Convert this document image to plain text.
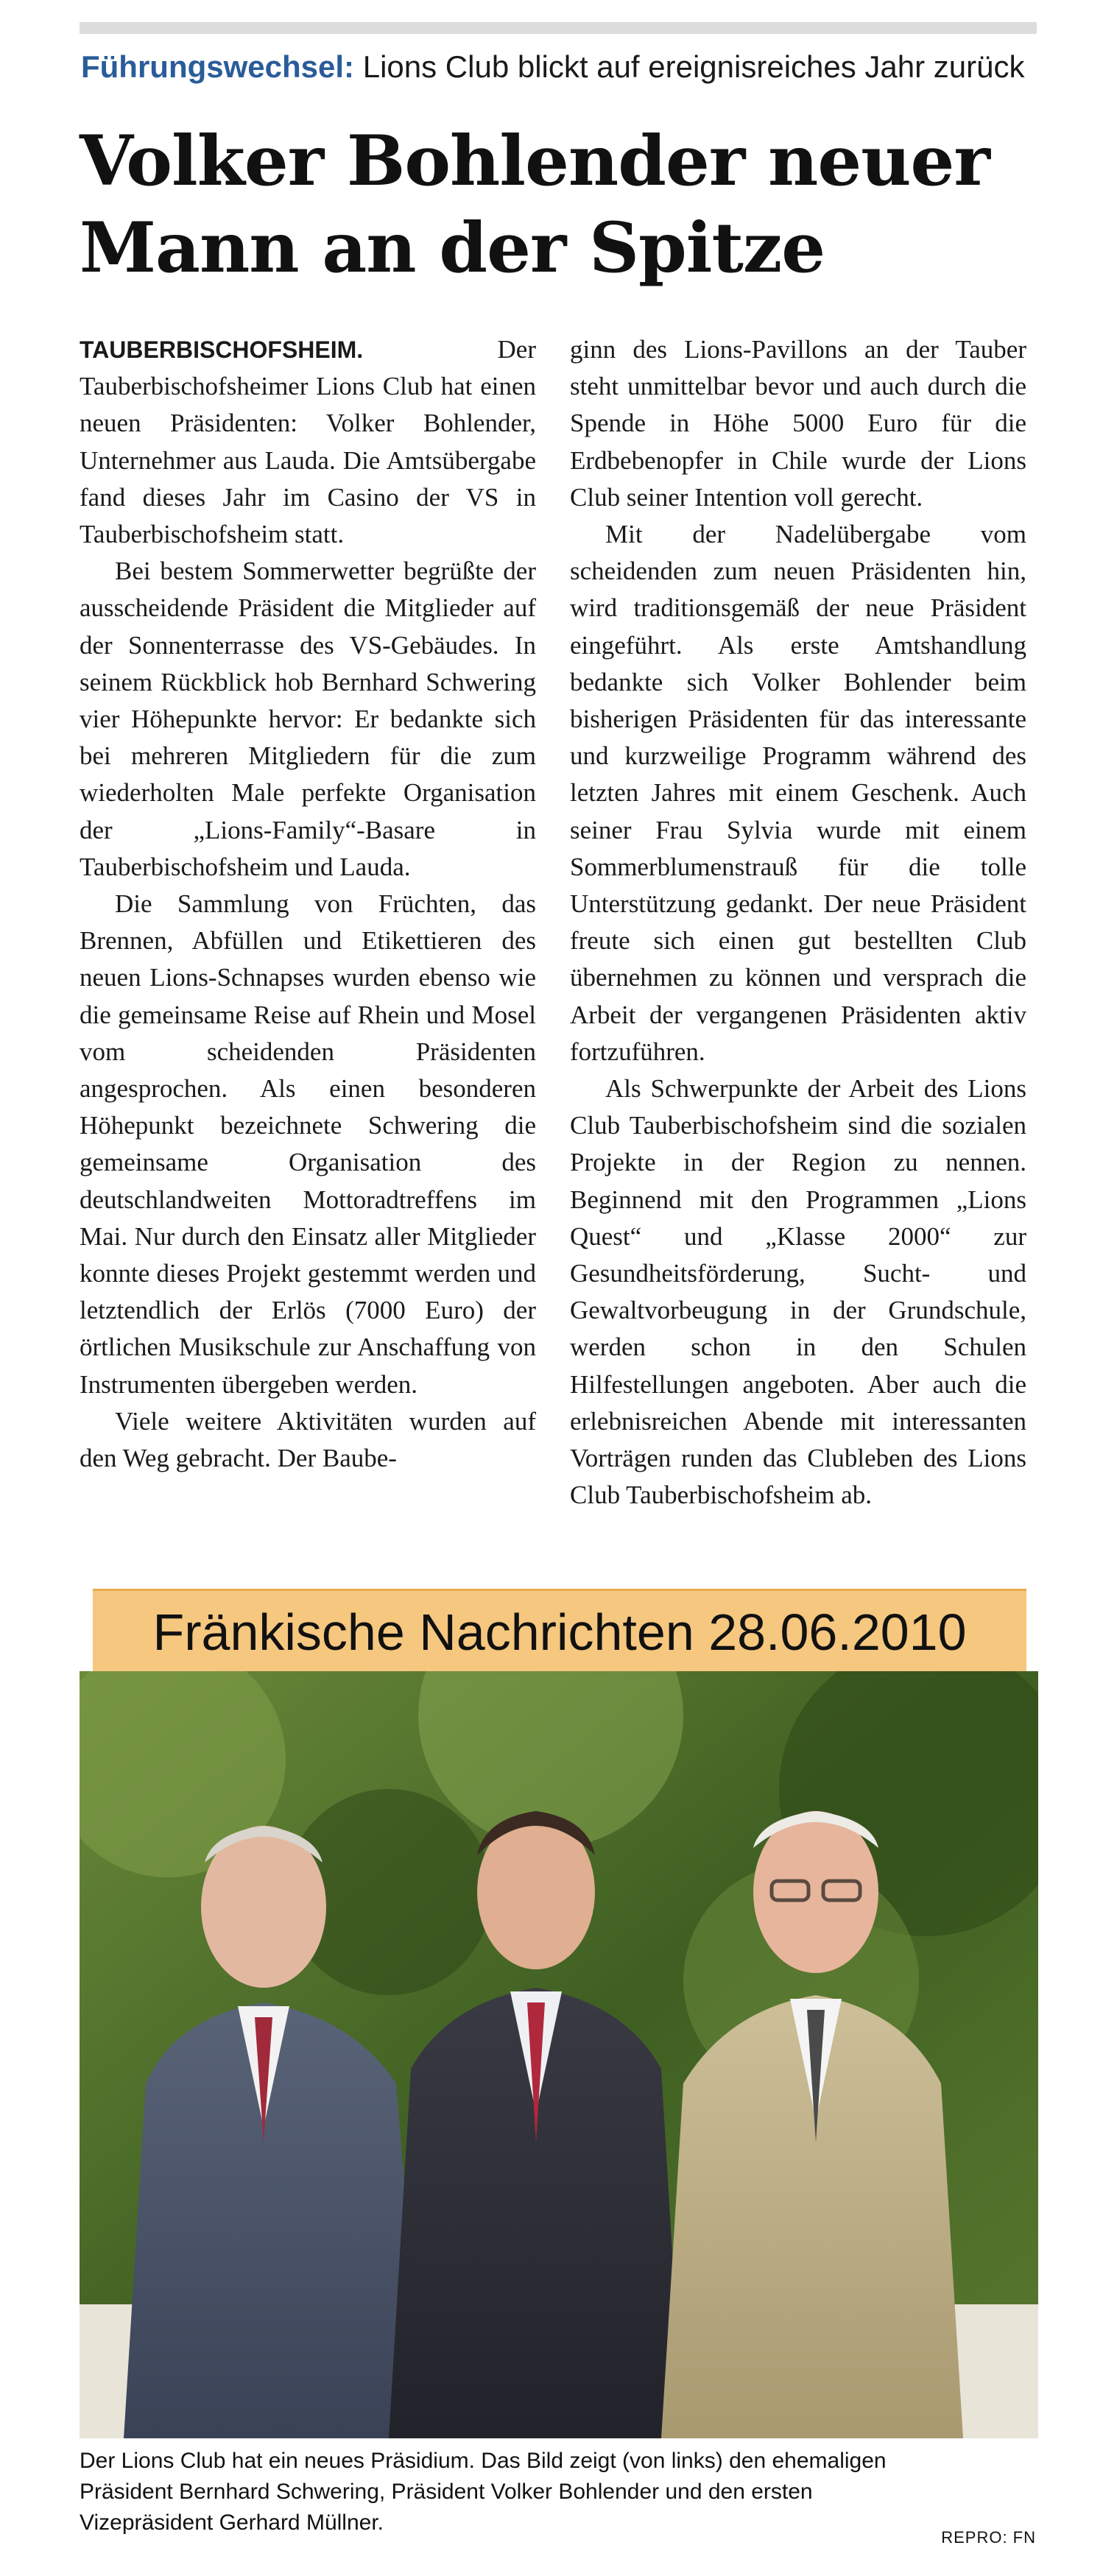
Führungswechsel: Lions Club blickt auf ereignisreiches Jahr zurück
Volker Bohlender neuer
Mann an der Spitze

TAUBERBISCHOFSHEIM. Der Tauberbischofsheimer Lions Club hat einen neuen Präsidenten: Volker Bohlender, Unternehmer aus Lauda. Die Amtsübergabe fand dieses Jahr im Casino der VS in Tauberbischofsheim statt.

Bei bestem Sommerwetter begrüßte der ausscheidende Präsident die Mitglieder auf der Sonnenterrasse des VS-Gebäudes. In seinem Rückblick hob Bernhard Schwering vier Höhepunkte hervor: Er bedankte sich bei mehreren Mitgliedern für die zum wiederholten Male perfekte Organisation der „Lions-Family“-Basare in Tauberbischofsheim und Lauda.

Die Sammlung von Früchten, das Brennen, Abfüllen und Etikettieren des neuen Lions-Schnapses wurden ebenso wie die gemeinsame Reise auf Rhein und Mosel vom scheidenden Präsidenten angesprochen. Als einen besonderen Höhepunkt bezeichnete Schwering die gemeinsame Organisation des deutschlandweiten Mottoradtreffens im Mai. Nur durch den Einsatz aller Mitglieder konnte dieses Projekt gestemmt werden und letztendlich der Erlös (7000 Euro) der örtlichen Musikschule zur Anschaffung von Instrumenten übergeben werden.

Viele weitere Aktivitäten wurden auf den Weg gebracht. Der Baube-

ginn des Lions-Pavillons an der Tauber steht unmittelbar bevor und auch durch die Spende in Höhe 5000 Euro für die Erdbebenopfer in Chile wurde der Lions Club seiner Intention voll gerecht.

Mit der Nadelübergabe vom scheidenden zum neuen Präsidenten hin, wird traditionsgemäß der neue Präsident eingeführt. Als erste Amtshandlung bedankte sich Volker Bohlender beim bisherigen Präsidenten für das interessante und kurzweilige Programm während des letzten Jahres mit einem Geschenk. Auch seiner Frau Sylvia wurde mit einem Sommerblumenstrauß für die tolle Unterstützung gedankt. Der neue Präsident freute sich einen gut bestellten Club übernehmen zu können und versprach die Arbeit der vergangenen Präsidenten aktiv fortzuführen.

Als Schwerpunkte der Arbeit des Lions Club Tauberbischofsheim sind die sozialen Projekte in der Region zu nennen. Beginnend mit den Programmen „Lions Quest“ und „Klasse 2000“ zur Gesundheitsförderung, Sucht- und Gewaltvorbeugung in der Grundschule, werden schon in den Schulen Hilfestellungen angeboten. Aber auch die erlebnisreichen Abende mit interessanten Vorträgen runden das Clubleben des Lions Club Tauberbischofsheim ab.

Fränkische Nachrichten 28.06.2010
Der Lions Club hat ein neues Präsidium. Das Bild zeigt (von links) den ehemaligen
Präsident Bernhard Schwering, Präsident Volker Bohlender und den ersten
Vizepräsident Gerhard Müllner.
REPRO: FN
